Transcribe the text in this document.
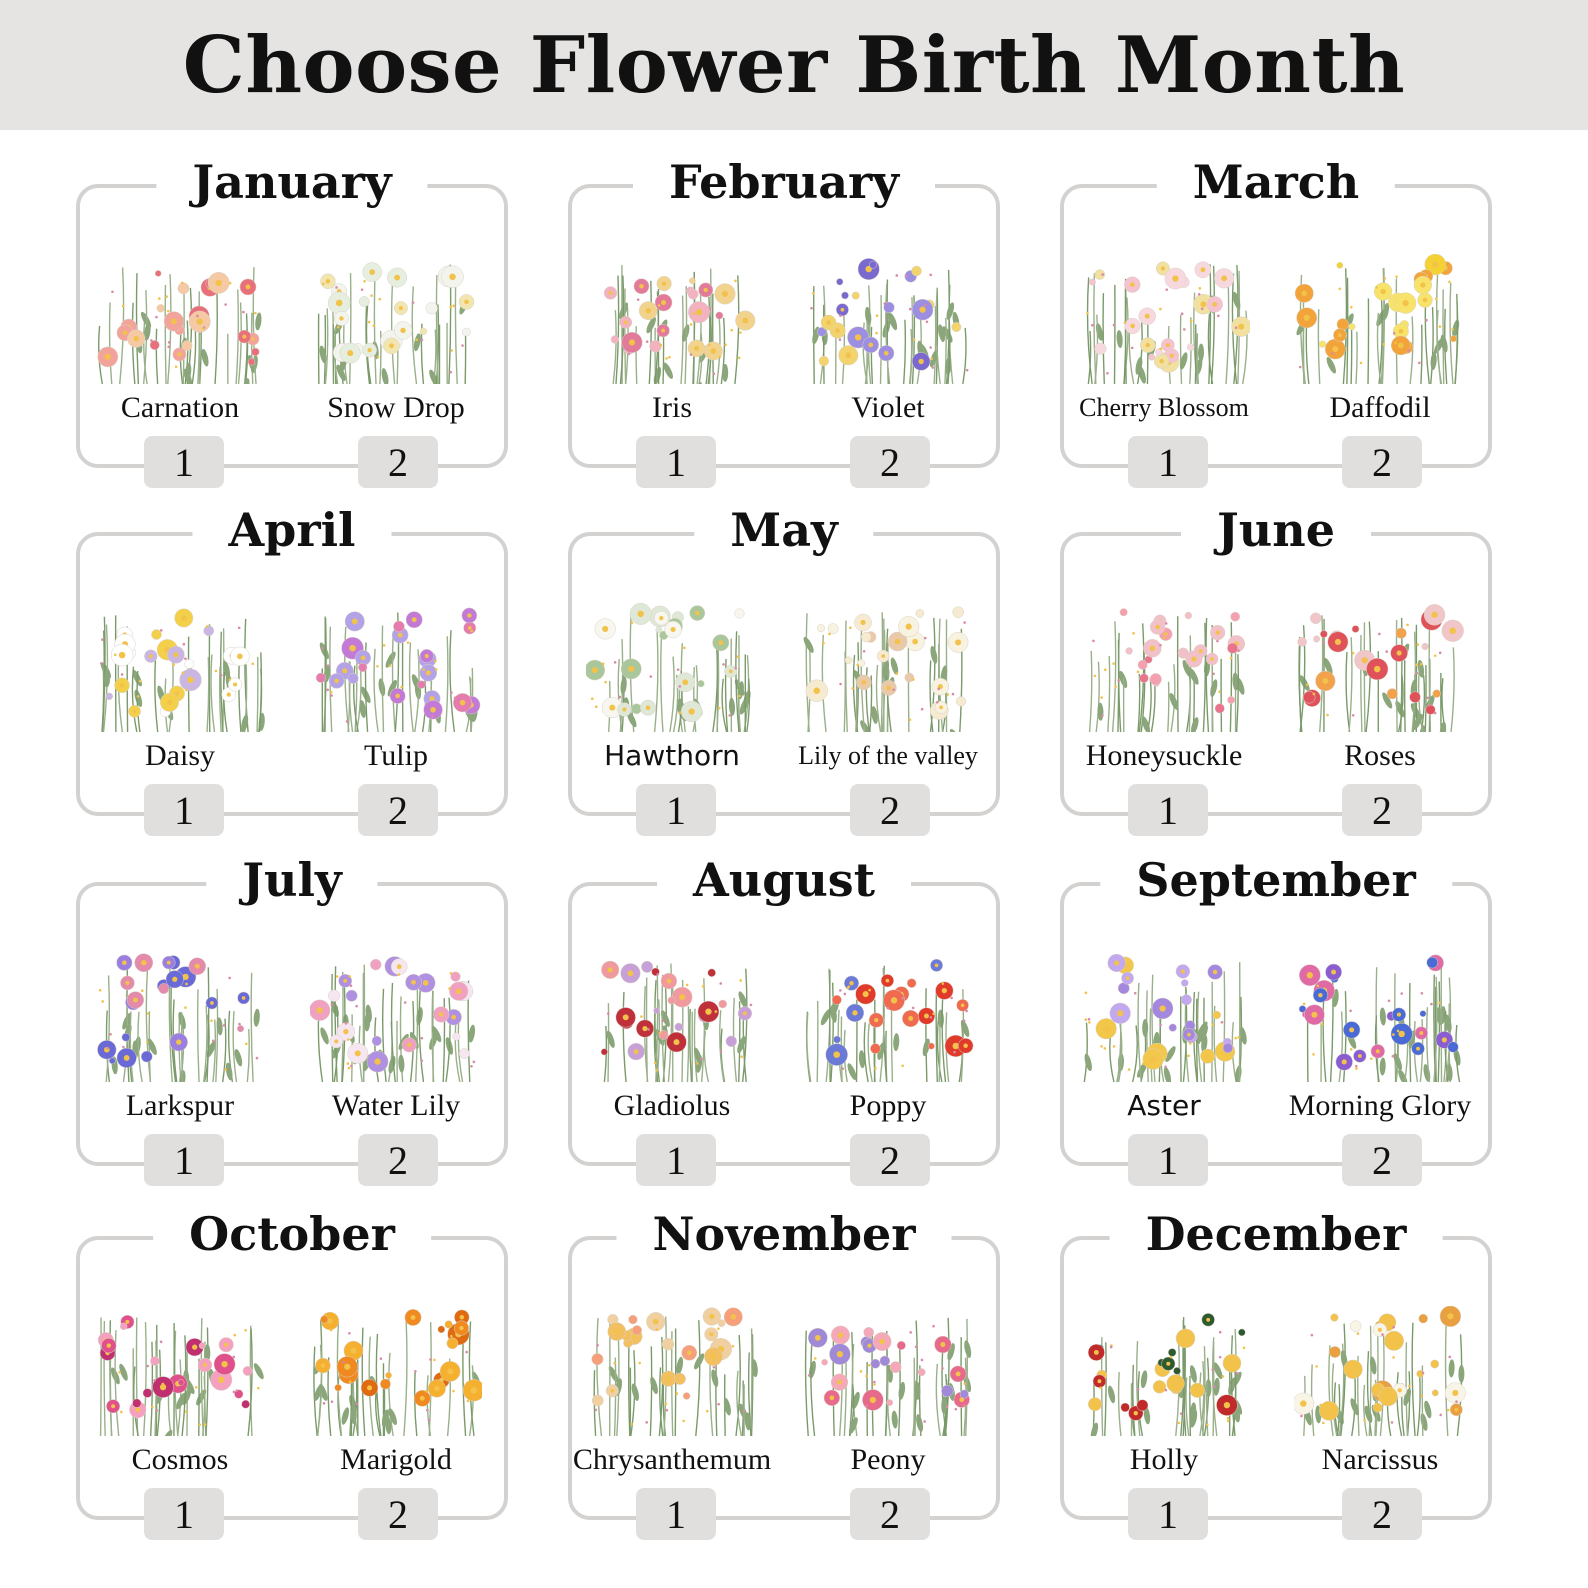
Choose Flower Birth Month
January
Carnation
1
Snow Drop
2
February
Iris
1
Violet
2
March
Cherry Blossom
1
Daffodil
2
April
Daisy
1
Tulip
2
May
Hawthorn
1
Lily of the valley
2
June
Honeysuckle
1
Roses
2
July
Larkspur
1
Water Lily
2
August
Gladiolus
1
Poppy
2
September
Aster
1
Morning Glory
2
October
Cosmos
1
Marigold
2
November
Chrysanthemum
1
Peony
2
December
Holly
1
Narcissus
2
